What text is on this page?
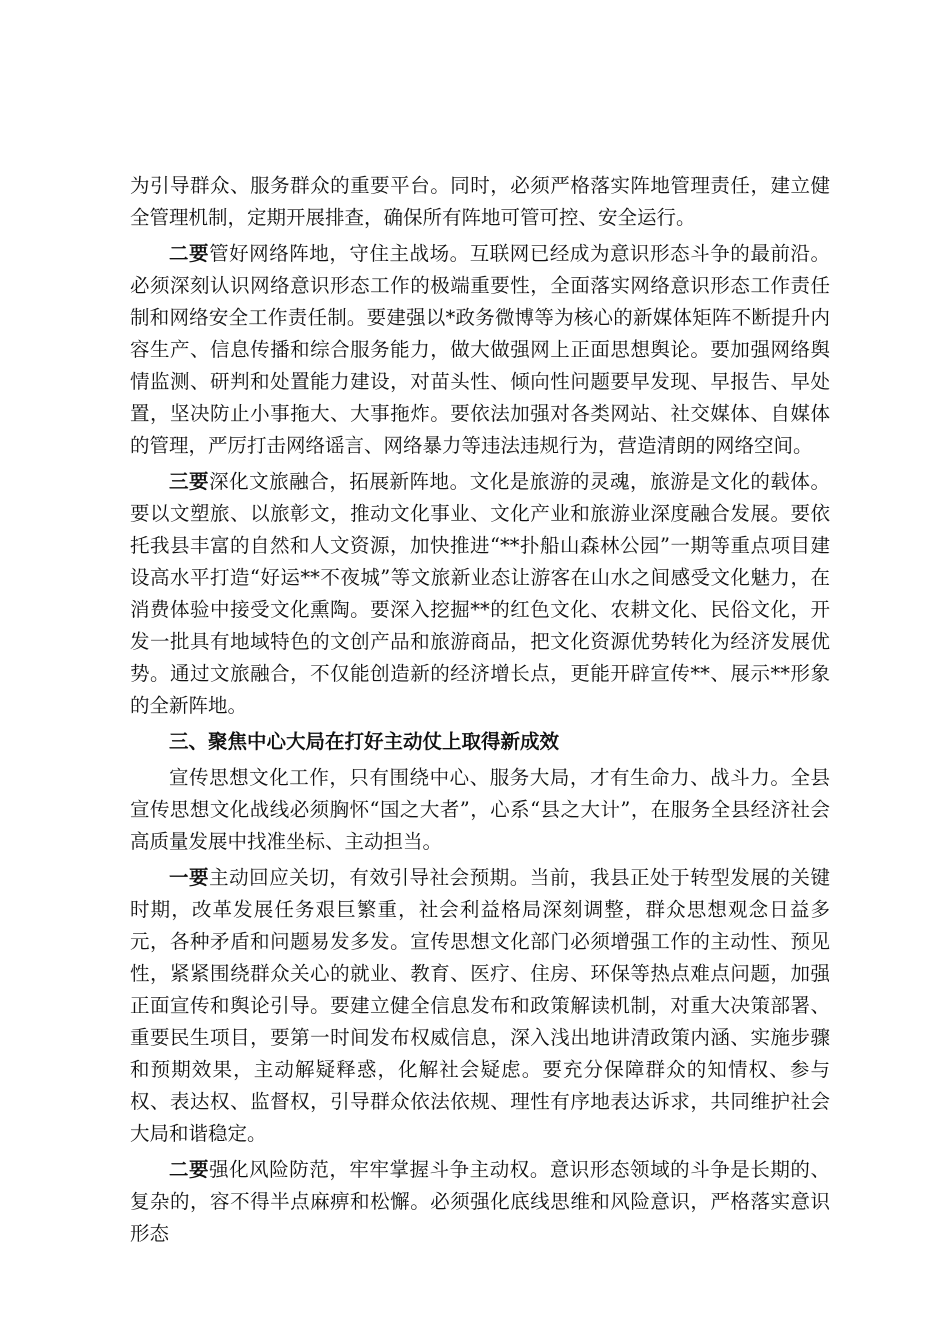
为引导群众、服务群众的重要平台。同时，必须严格落实阵地管理责任，建立健全管理机制，定期开展排查，确保所有阵地可管可控、安全运行。

二要管好网络阵地，守住主战场。互联网已经成为意识形态斗争的最前沿。必须深刻认识网络意识形态工作的极端重要性，全面落实网络意识形态工作责任制和网络安全工作责任制。要建强以*政务微博等为核心的新媒体矩阵不断提升内容生产、信息传播和综合服务能力，做大做强网上正面思想舆论。要加强网络舆情监测、研判和处置能力建设，对苗头性、倾向性问题要早发现、早报告、早处置，坚决防止小事拖大、大事拖炸。要依法加强对各类网站、社交媒体、自媒体的管理，严厉打击网络谣言、网络暴力等违法违规行为，营造清朗的网络空间。

三要深化文旅融合，拓展新阵地。文化是旅游的灵魂，旅游是文化的载体。要以文塑旅、以旅彰文，推动文化事业、文化产业和旅游业深度融合发展。要依托我县丰富的自然和人文资源，加快推进“**扑船山森林公园”一期等重点项目建设高水平打造“好运**不夜城”等文旅新业态让游客在山水之间感受文化魅力，在消费体验中接受文化熏陶。要深入挖掘**的红色文化、农耕文化、民俗文化，开发一批具有地域特色的文创产品和旅游商品，把文化资源优势转化为经济发展优势。通过文旅融合，不仅能创造新的经济增长点，更能开辟宣传**、展示**形象的全新阵地。

三、聚焦中心大局在打好主动仗上取得新成效

宣传思想文化工作，只有围绕中心、服务大局，才有生命力、战斗力。全县宣传思想文化战线必须胸怀“国之大者”，心系“县之大计”，在服务全县经济社会高质量发展中找准坐标、主动担当。

一要主动回应关切，有效引导社会预期。当前，我县正处于转型发展的关键时期，改革发展任务艰巨繁重，社会利益格局深刻调整，群众思想观念日益多元，各种矛盾和问题易发多发。宣传思想文化部门必须增强工作的主动性、预见性，紧紧围绕群众关心的就业、教育、医疗、住房、环保等热点难点问题，加强正面宣传和舆论引导。要建立健全信息发布和政策解读机制，对重大决策部署、重要民生项目，要第一时间发布权威信息，深入浅出地讲清政策内涵、实施步骤和预期效果，主动解疑释惑，化解社会疑虑。要充分保障群众的知情权、参与权、表达权、监督权，引导群众依法依规、理性有序地表达诉求，共同维护社会大局和谐稳定。

二要强化风险防范，牢牢掌握斗争主动权。意识形态领域的斗争是长期的、复杂的，容不得半点麻痹和松懈。必须强化底线思维和风险意识，严格落实意识形态
